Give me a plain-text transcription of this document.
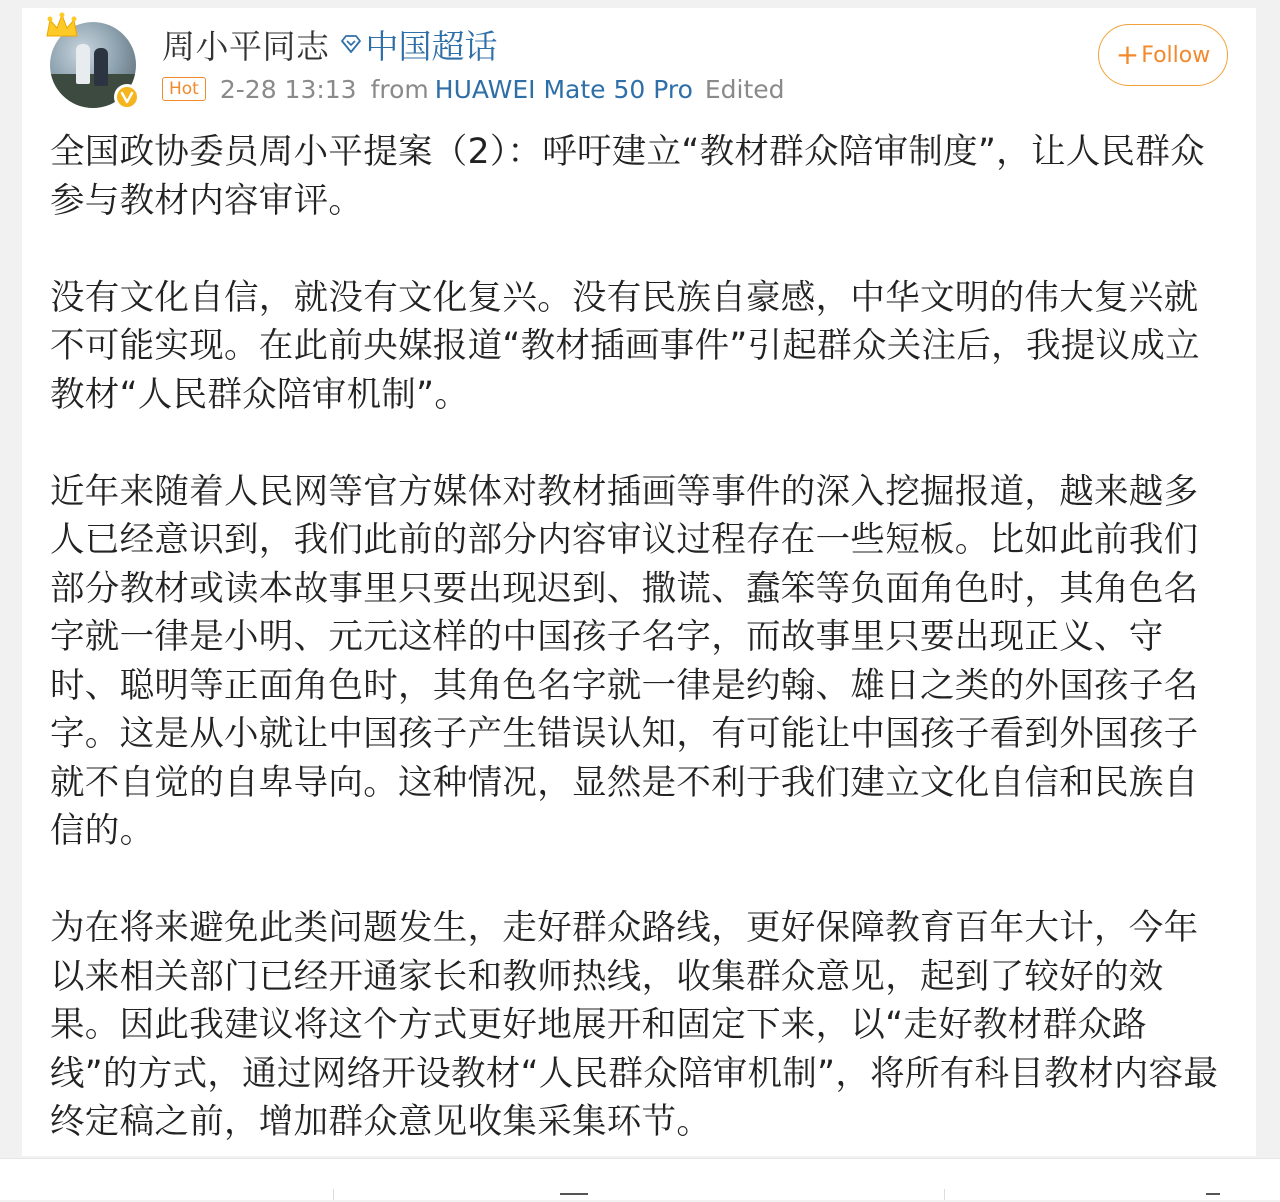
周小平同志 中国超话
Hot 2-28 13:13 from HUAWEI Mate 50 Pro Edited
+ Follow

全国政协委员周小平提案（2）：呼吁建立“教材群众陪审制度”，让人民群众参与教材内容审评。

没有文化自信，就没有文化复兴。没有民族自豪感，中华文明的伟大复兴就不可能实现。在此前央媒报道“教材插画事件”引起群众关注后，我提议成立教材“人民群众陪审机制”。

近年来随着人民网等官方媒体对教材插画等事件的深入挖掘报道，越来越多人已经意识到，我们此前的部分内容审议过程存在一些短板。比如此前我们部分教材或读本故事里只要出现迟到、撒谎、蠢笨等负面角色时，其角色名字就一律是小明、元元这样的中国孩子名字，而故事里只要出现正义、守时、聪明等正面角色时，其角色名字就一律是约翰、雄日之类的外国孩子名字。这是从小就让中国孩子产生错误认知，有可能让中国孩子看到外国孩子就不自觉的自卑导向。这种情况，显然是不利于我们建立文化自信和民族自信的。

为在将来避免此类问题发生，走好群众路线，更好保障教育百年大计，今年以来相关部门已经开通家长和教师热线，收集群众意见，起到了较好的效果。因此我建议将这个方式更好地展开和固定下来，以“走好教材群众路线”的方式，通过网络开设教材“人民群众陪审机制”，将所有科目教材内容最终定稿之前，增加群众意见收集采集环节。
